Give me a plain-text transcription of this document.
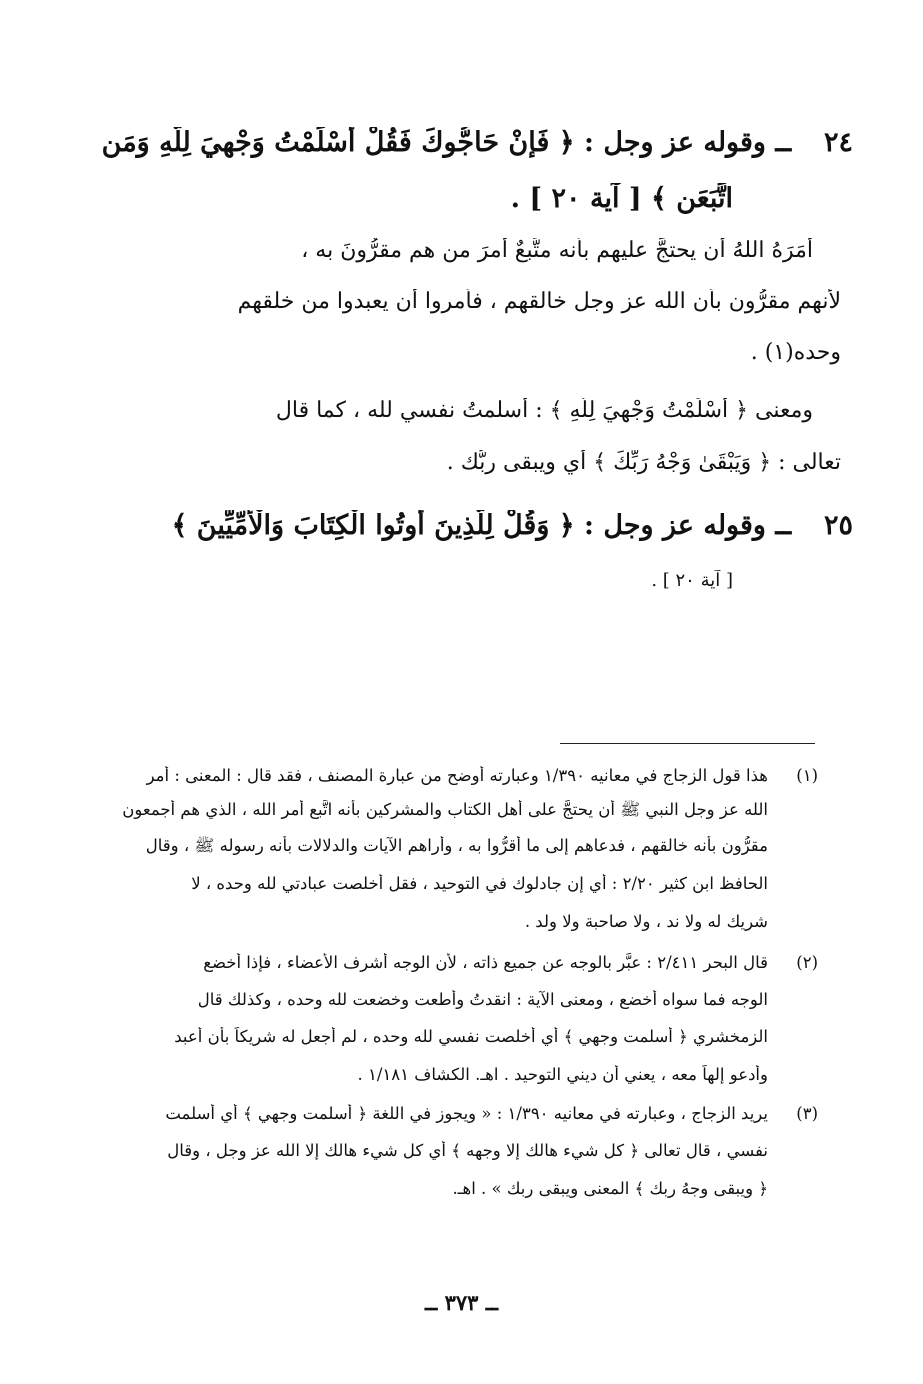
٢٤  ــ وقوله عز وجل : ﴿ فَإِنْ حَاجُّوكَ فَقُلْ أَسْلَمْتُ وَجْهِيَ لِلَّهِ وَمَنِ
اتَّبَعَنِ ﴾ [ آية ٢٠ ] .
أمَرَهُ اللهُ أن يحتجَّ عليهم بأنه متَّبعٌ أمرَ من هم مقرُّونَ به ،
لأنهم مقرُّون بأن الله عز وجل خالقهم ، فأُمروا أن يعبدوا من خلقهم
وحده(١) .
ومعنى ﴿ أَسْلَمْتُ وَجْهِيَ لِلَّهِ ﴾ : أسلمتُ نفسي لله ، كما قال
تعالى : ﴿ وَيَبْقَىٰ وَجْهُ رَبِّكَ ﴾ أي ويبقى ربُّك .
٢٥  ــ وقوله عز وجل : ﴿ وَقُلْ لِلَّذِينَ أُوتُوا الْكِتَابَ وَالْأُمِّيِّينَ ﴾
[ آية ٢٠ ] .
(١)
هذا قول الزجاج في معانيه ١/٣٩٠ وعبارته أوضح من عبارة المصنف ، فقد قال : المعنى : أمر
الله عز وجل النبي ﷺ أن يحتجَّ على أهل الكتاب والمشركين بأنه اتَّبع أمر الله ، الذي هم أجمعون
مقرُّون بأنه خالقهم ، فدعاهم إلى ما أقرُّوا به ، وأراهم الآيات والدلالات بأنه رسوله ﷺ ، وقال
الحافظ ابن كثير ٢/٢٠ : أي إن جادلوك في التوحيد ، فقل أخلصت عبادتي لله وحده ، لا
شريك له ولا ند ، ولا صاحبة ولا ولد .
(٢)
قال البحر ٢/٤١١ : عبَّر بالوجه عن جميع ذاته ، لأن الوجه أشرف الأعضاء ، فإذا أخضع
الوجه فما سواه أخضع ، ومعنى الآية : انقدتُ وأطعت وخضعت لله وحده ، وكذلك قال
الزمخشري ﴿ أسلمت وجهي ﴾ أي أخلصت نفسي لله وحده ، لم أجعل له شريكاً بأن أعبد
وأدعو إلهاً معه ، يعني أن ديني التوحيد . اهـ. الكشاف ١/١٨١ .
(٣)
يريد الزجاج ، وعبارته في معانيه ١/٣٩٠ : « ويجوز في اللغة ﴿ أسلمت وجهي ﴾ أي أسلمت
نفسي ، قال تعالى ﴿ كل شيء هالك إلا وجهه ﴾ أي كل شيء هالك إلا الله عز وجل ، وقال
﴿ ويبقى وجهُ ربك ﴾ المعنى ويبقى ربك » . اهـ.
ــ ٣٧٣ ــ
